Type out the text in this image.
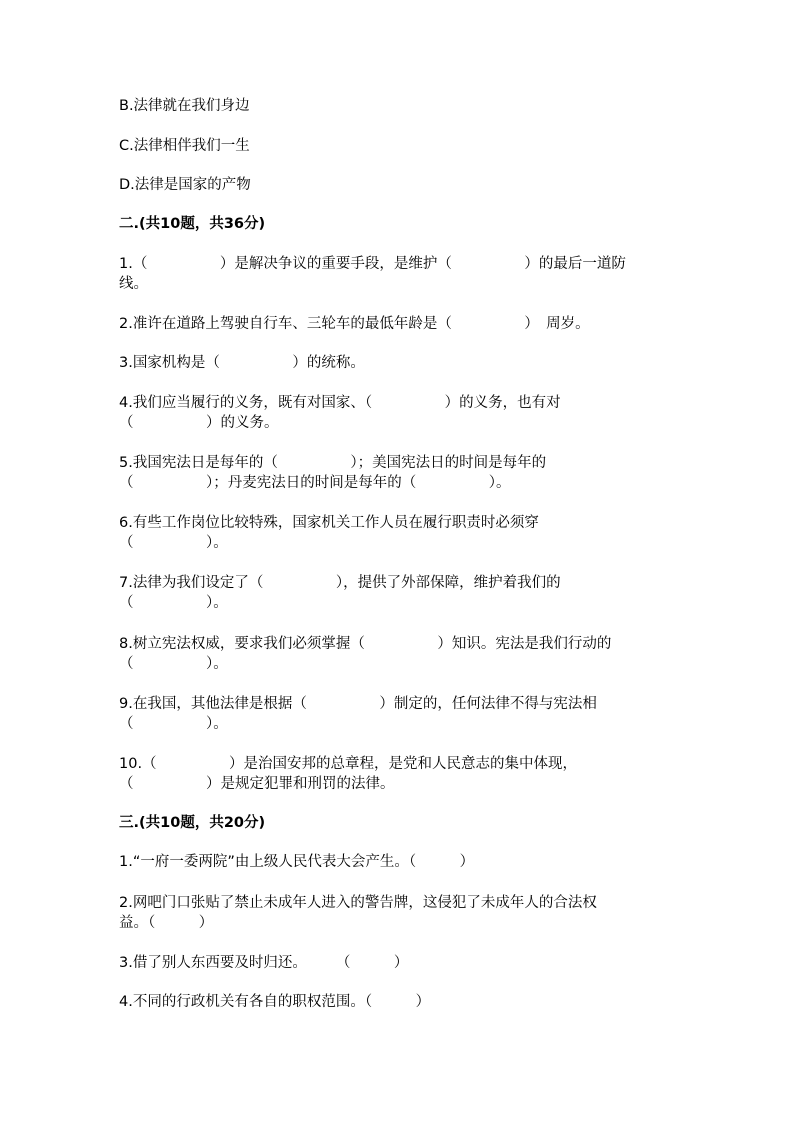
B.法律就在我们身边
C.法律相伴我们一生
D.法律是国家的产物
二.(共10题，共36分)
1.（　　　　　）是解决争议的重要手段，是维护（　　　　　）的最后一道防
线。
2.准许在道路上驾驶自行车、三轮车的最低年龄是（　　　　　）　周岁。
3.国家机构是（　　　　　）的统称。
4.我们应当履行的义务，既有对国家、（　　　　　）的义务，也有对
（　　　　　）的义务。
5.我国宪法日是每年的（　　　　　）；美国宪法日的时间是每年的
（　　　　　）；丹麦宪法日的时间是每年的（　　　　　）。
6.有些工作岗位比较特殊，国家机关工作人员在履行职责时必须穿
（　　　　　）。
7.法律为我们设定了（　　　　　），提供了外部保障，维护着我们的
（　　　　　）。
8.树立宪法权威，要求我们必须掌握（　　　　　）知识。宪法是我们行动的
（　　　　　）。
9.在我国，其他法律是根据（　　　　　）制定的，任何法律不得与宪法相
（　　　　　）。
10.（　　　　　）是治国安邦的总章程，是党和人民意志的集中体现，
（　　　　　）是规定犯罪和刑罚的法律。
三.(共10题，共20分)
1.“一府一委两院”由上级人民代表大会产生。（　　　）
2.网吧门口张贴了禁止未成年人进入的警告牌，这侵犯了未成年人的合法权
益。（　　　）
3.借了别人东西要及时归还。　　　（　　　）
4.不同的行政机关有各自的职权范围。（　　　）
